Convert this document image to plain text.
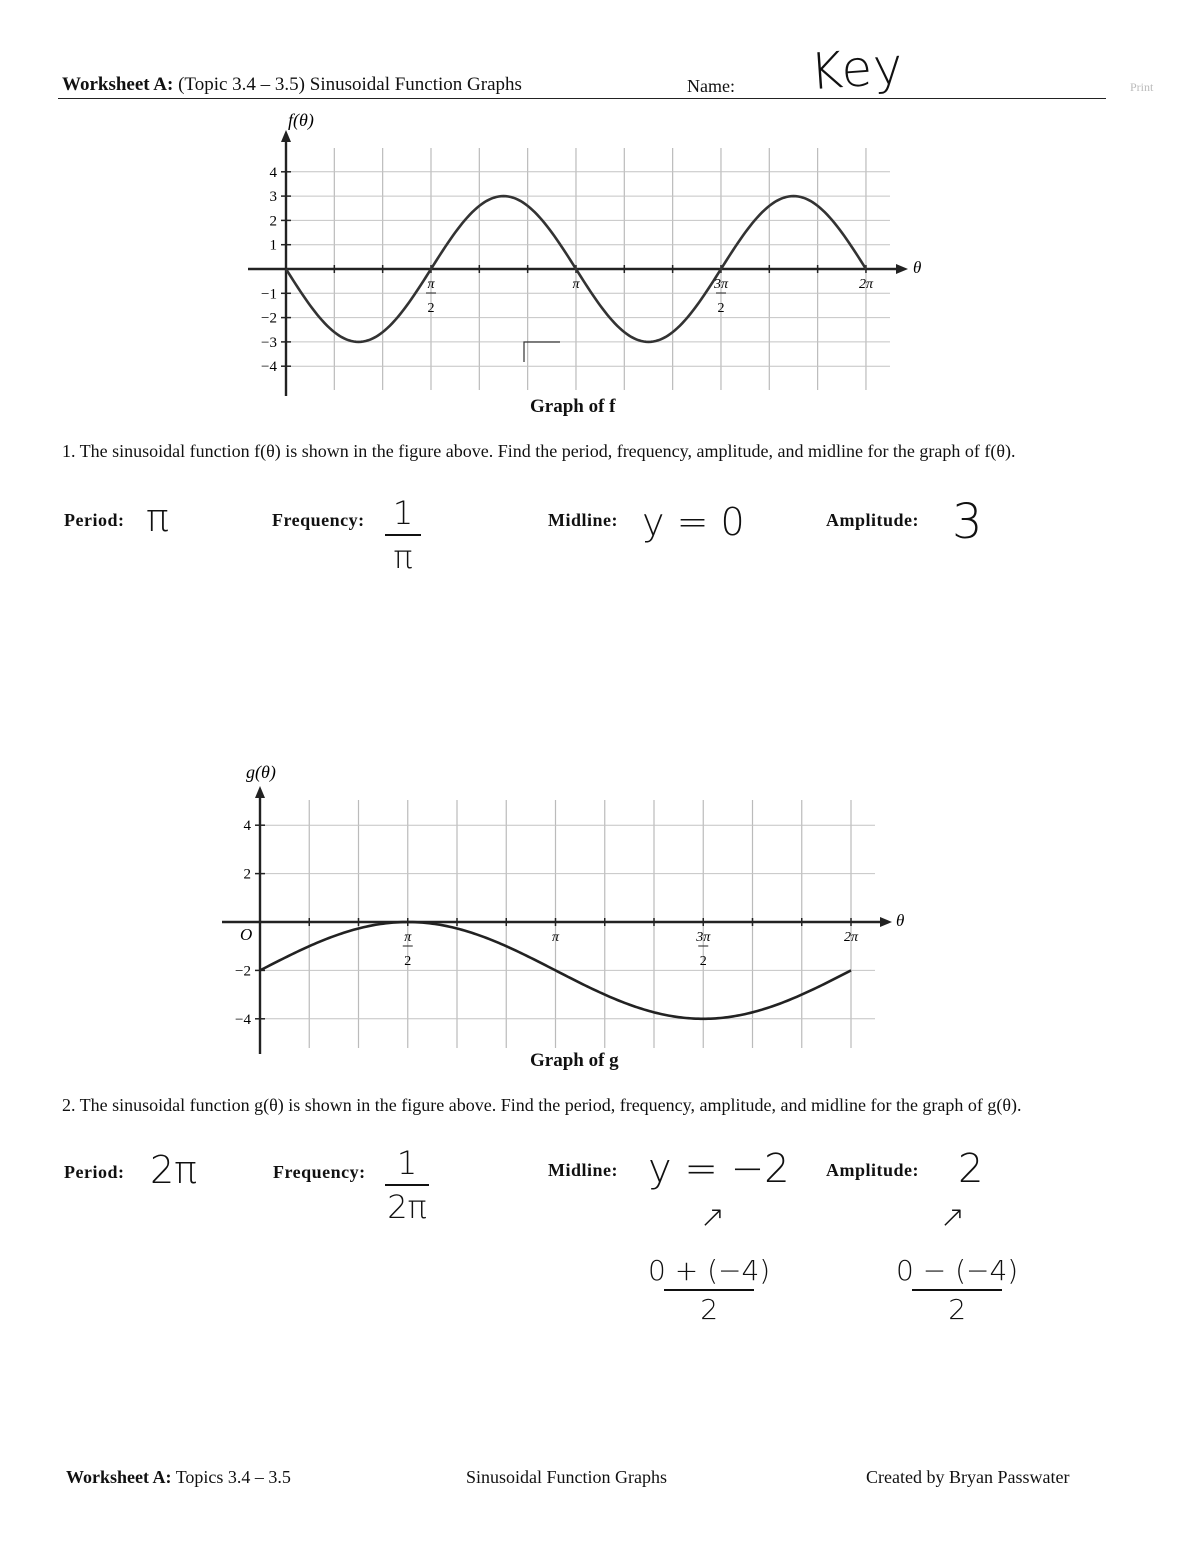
Worksheet A: (Topic 3.4 – 3.5) Sinusoidal Function Graphs	Name: Key	Print
4
3
2
1
−1
−2
−3
−4
π
2
π	3π
2
2π
f(θ)
θ
Graph of f
1. The sinusoidal function f(θ) is shown in the figure above. Find the period, frequency, amplitude, and midline for the graph of f(θ).
Period: π	Frequency: 1
π
Midline: y = 0	Amplitude: 3
4
2
−2
−4
π
2
π	3π
2
2π
g(θ)
θ
O
Graph of g
2. The sinusoidal function g(θ) is shown in the figure above. Find the period, frequency, amplitude, and midline for the graph of g(θ).
Period: 2π	Frequency: 1
2π
Midline: y = −2
↗
0 + (−4)
2
Amplitude: 2
↗
0 − (−4)
2
Worksheet A: Topics 3.4 – 3.5	Sinusoidal Function Graphs	Created by Bryan Passwater
